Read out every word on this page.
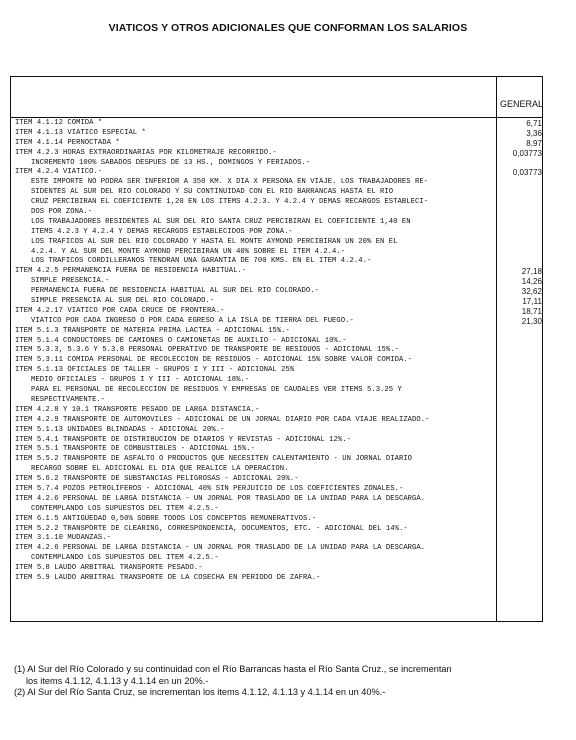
VIATICOS Y OTROS ADICIONALES QUE CONFORMAN LOS SALARIOS
GENERAL
ITEM 4.1.12 COMIDA *	6,71
ITEM 4.1.13 VIATICO ESPECIAL *	3,36
ITEM 4.1.14 PERNOCTADA *	8,97
ITEM 4.2.3 HORAS EXTRAORDINARIAS POR KILOMETRAJE RECORRIDO.-	0,03773
INCREMENTO 100% SABADOS DESPUES DE 13 HS., DOMINGOS Y FERIADOS.-
ITEM 4.2.4 VIATICO.-	0,03773
ESTE IMPORTE NO PODRA SER INFERIOR A 350 KM. X DIA X PERSONA EN VIAJE. LOS TRABAJADORES RE-
SIDENTES AL SUR DEL RIO COLORADO Y SU CONTINUIDAD CON EL RIO BARRANCAS HASTA EL RIO
CRUZ PERCIBIRAN EL COEFICIENTE 1,20 EN LOS ITEMS 4.2.3. Y 4.2.4 Y DEMAS RECARGOS ESTABLECI-
DOS POR ZONA.-
LOS TRABAJADORES RESIDENTES AL SUR DEL RIO SANTA CRUZ PERCIBIRAN EL COEFICIENTE 1,40 EN
ITEMS 4.2.3 Y 4.2.4 Y DEMAS RECARGOS ESTABLECIDOS POR ZONA.-
LOS TRAFICOS AL SUR DEL RIO COLORADO Y HASTA EL MONTE AYMOND PERCIBIRAN UN 20% EN EL
4.2.4. Y AL SUR DEL MONTE AYMOND PERCIBIRAN UN 40% SOBRE EL ITEM 4.2.4.-
LOS TRAFICOS CORDILLERANOS TENDRAN UNA GARANTIA DE 700 KMS. EN EL ITEM 4.2.4.-
ITEM 4.2.5 PERMANENCIA FUERA DE RESIDENCIA HABITUAL.-	27,18
SIMPLE PRESENCIA.-	14,26
PERMANENCIA FUERA DE RESIDENCIA HABITUAL AL SUR DEL RIO COLORADO.-	32,62
SIMPLE PRESENCIA AL SUR DEL RIO COLORADO.-	17,11
ITEM 4.2.17 VIATICO POR CADA CRUCE DE FRONTERA.-	18,71
VIATICO POR CADA INGRESO O POR CADA EGRESO A LA ISLA DE TIERRA DEL FUEGO.-	21,30
ITEM 5.1.3 TRANSPORTE DE MATERIA PRIMA LACTEA - ADICIONAL 15%.-
ITEM 5.1.4 CONDUCTORES DE CAMIONES O CAMIONETAS DE AUXILIO - ADICIONAL 10%.-
ITEM 5.3.3, 5.3.6 Y 5.3.8 PERSONAL OPERATIVO DE TRANSPORTE DE RESIDUOS - ADICIONAL 15%.-
ITEM 5.3.11 COMIDA PERSONAL DE RECOLECCION DE RESIDUOS - ADICIONAL 15% SOBRE VALOR COMIDA.-
ITEM 5.1.13 OFICIALES DE TALLER - GRUPOS I Y III - ADICIONAL 25%
MEDIO OFICIALES - GRUPOS I Y III - ADICIONAL 18%.-
PARA EL PERSONAL DE RECOLECCION DE RESIDUOS Y EMPRESAS DE CAUDALES VER ITEMS 5.3.25 Y
RESPECTIVAMENTE.-
ITEM 4.2.8 Y 10.1 TRANSPORTE PESADO DE LARGA DISTANCIA.-
ITEM 4.2.9 TRANSPORTE DE AUTOMOVILES - ADICIONAL DE UN JORNAL DIARIO POR CADA VIAJE REALIZADO.-
ITEM 5.1.13 UNIDADES BLINDADAS - ADICIONAL 20%.-
ITEM 5.4.1 TRANSPORTE DE DISTRIBUCION DE DIARIOS Y REVISTAS - ADICIONAL 12%.-
ITEM 5.5.1 TRANSPORTE DE COMBUSTIBLES - ADICIONAL 15%.-
ITEM 5.5.2 TRANSPORTE DE ASFALTO O PRODUCTOS QUE NECESITEN CALENTAMIENTO - UN JORNAL DIARIO
RECARGO SOBRE EL ADICIONAL EL DIA QUE REALICE LA OPERACION.
ITEM 5.6.2 TRANSPORTE DE SUBSTANCIAS PELIGROSAS - ADICIONAL 20%.-
ITEM 5.7.4 POZOS PETROLIFEROS - ADICIONAL 40% SIN PERJUICIO DE LOS COEFICIENTES ZONALES.-
ITEM 4.2.6 PERSONAL DE LARGA DISTANCIA - UN JORNAL POR TRASLADO DE LA UNIDAD PARA LA DESCARGA.
CONTEMPLANDO LOS SUPUESTOS DEL ITEM 4.2.5.-
ITEM 6.1.5 ANTIGUEDAD 0,50% SOBRE TODOS LOS CONCEPTOS REMUNERATIVOS.-
ITEM 5.2.2 TRANSPORTE DE CLEARING, CORRESPONDENCIA, DOCUMENTOS, ETC. - ADICIONAL DEL 14%.-
ITEM 3.1.10 MUDANZAS.-
ITEM 4.2.6 PERSONAL DE LARGA DISTANCIA - UN JORNAL POR TRASLADO DE LA UNIDAD PARA LA DESCARGA.
CONTEMPLANDO LOS SUPUESTOS DEL ITEM 4.2.5.-
ITEM 5.8 LAUDO ARBITRAL TRANSPORTE PESADO.-
ITEM 5.9 LAUDO ARBITRAL TRANSPORTE DE LA COSECHA EN PERIODO DE ZAFRA.-
(1) Al Sur del Río Colorado y su continuidad con el Río Barrancas hasta el Río Santa Cruz., se incrementan
los items 4.1.12, 4.1.13 y 4.1.14 en un 20%.-
(2) Al Sur del Río Santa Cruz, se incrementan los items 4.1.12, 4.1.13 y 4.1.14 en un 40%.-
